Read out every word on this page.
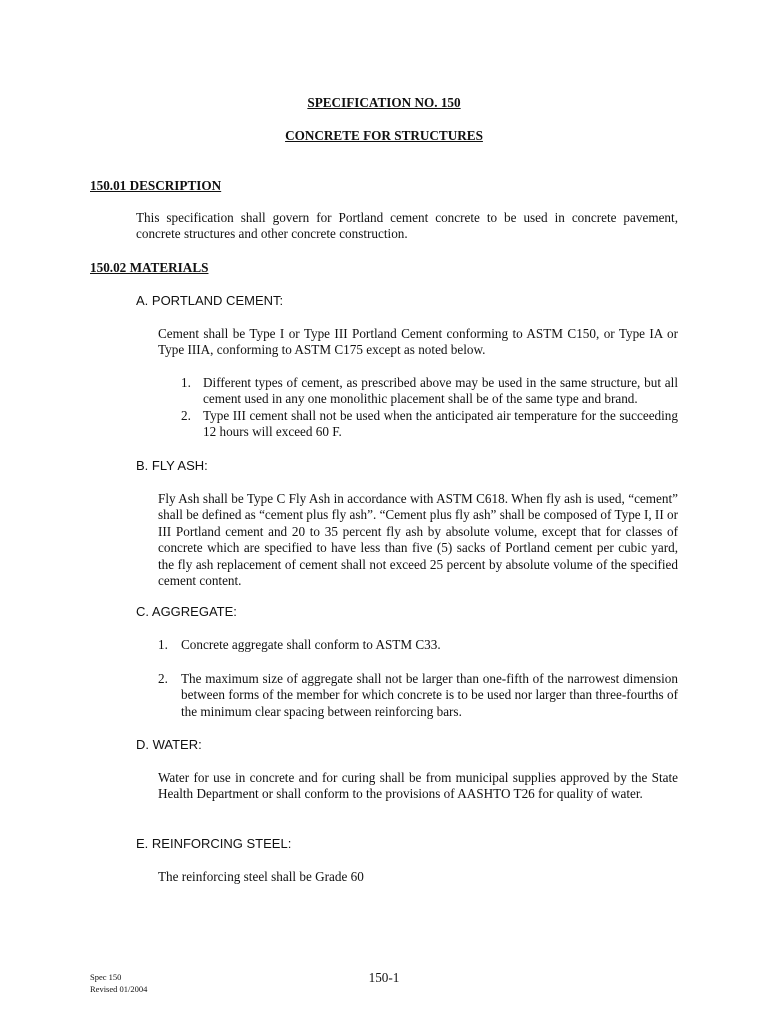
SPECIFICATION NO. 150
CONCRETE FOR STRUCTURES
150.01 DESCRIPTION
This specification shall govern for Portland cement concrete to be used in concrete pavement, concrete structures and other concrete construction.
150.02 MATERIALS
A. PORTLAND CEMENT:
Cement shall be Type I or Type III Portland Cement conforming to ASTM C150, or Type IA or Type IIIA, conforming to ASTM C175 except as noted below.
1. Different types of cement, as prescribed above may be used in the same structure, but all cement used in any one monolithic placement shall be of the same type and brand.
2. Type III cement shall not be used when the anticipated air temperature for the succeeding 12 hours will exceed 60 F.
B. FLY ASH:
Fly Ash shall be Type C Fly Ash in accordance with ASTM C618. When fly ash is used, “cement” shall be defined as “cement plus fly ash”. “Cement plus fly ash” shall be composed of Type I, II or III Portland cement and 20 to 35 percent fly ash by absolute volume, except that for classes of concrete which are specified to have less than five (5) sacks of Portland cement per cubic yard, the fly ash replacement of cement shall not exceed 25 percent by absolute volume of the specified cement content.
C. AGGREGATE:
1. Concrete aggregate shall conform to ASTM C33.
2. The maximum size of aggregate shall not be larger than one-fifth of the narrowest dimension between forms of the member for which concrete is to be used nor larger than three-fourths of the minimum clear spacing between reinforcing bars.
D. WATER:
Water for use in concrete and for curing shall be from municipal supplies approved by the State Health Department or shall conform to the provisions of AASHTO T26 for quality of water.
E. REINFORCING STEEL:
The reinforcing steel shall be Grade 60
Spec 150
Revised 01/2004
150-1
